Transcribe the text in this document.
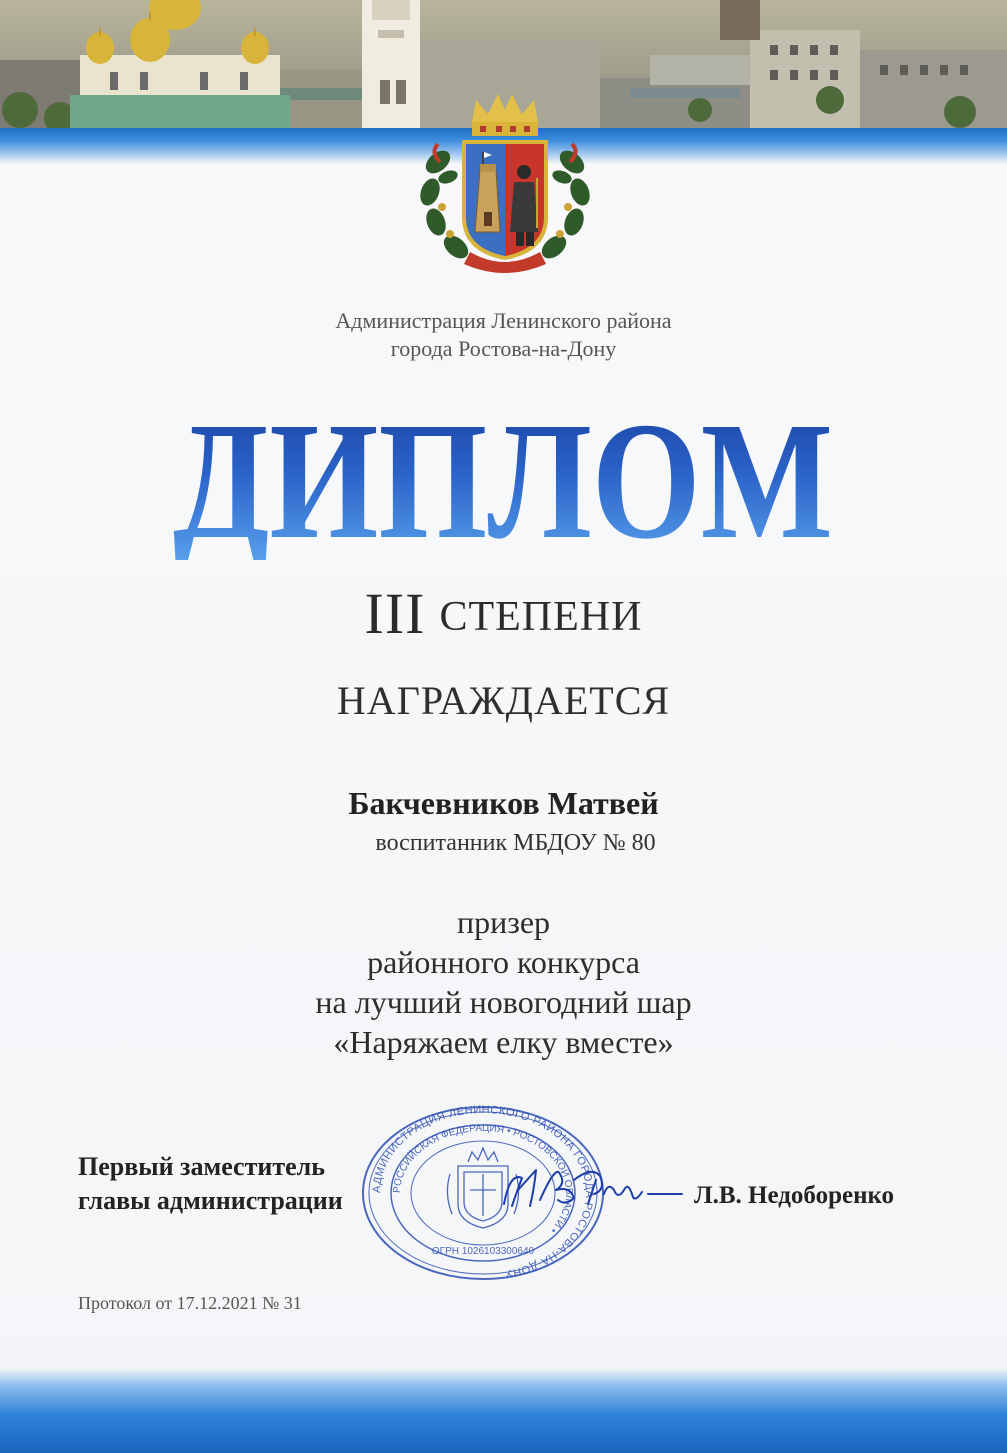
Администрация Ленинского района
города Ростова-на-Дону
ДИПЛОМ
III СТЕПЕНИ
НАГРАЖДАЕТСЯ
Бакчевников Матвей
воспитанник МБДОУ № 80
призер
районного конкурса
на лучший новогодний шар
«Наряжаем елку вместе»
Первый заместитель
главы администрации	АДМИНИСТРАЦИЯ ЛЕНИНСКОГО РАЙОНА ГОРОДА РОСТОВА-НА-ДОНУ
РОССИЙСКАЯ ФЕДЕРАЦИЯ • РОСТОВСКОЙ ОБЛАСТИ •
ОГРН 1026103300640
Л.В. Недоборенко
Протокол от 17.12.2021 № 31
